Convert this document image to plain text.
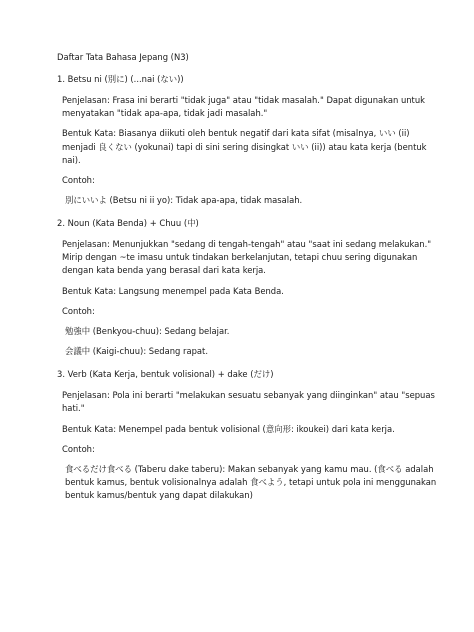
Daftar Tata Bahasa Jepang (N3)

1. Betsu ni (別に) (...nai (ない))

Penjelasan: Frasa ini berarti "tidak juga" atau "tidak masalah." Dapat digunakan untuk menyatakan "tidak apa-apa, tidak jadi masalah."

Bentuk Kata: Biasanya diikuti oleh bentuk negatif dari kata sifat (misalnya, いい (ii) menjadi 良くない (yokunai) tapi di sini sering disingkat いい (ii)) atau kata kerja (bentuk nai).

Contoh:

別にいいよ (Betsu ni ii yo): Tidak apa-apa, tidak masalah.

2. Noun (Kata Benda) + Chuu (中)

Penjelasan: Menunjukkan "sedang di tengah-tengah" atau "saat ini sedang melakukan." Mirip dengan ~te imasu untuk tindakan berkelanjutan, tetapi chuu sering digunakan dengan kata benda yang berasal dari kata kerja.

Bentuk Kata: Langsung menempel pada Kata Benda.

Contoh:

勉強中 (Benkyou-chuu): Sedang belajar.

会議中 (Kaigi-chuu): Sedang rapat.

3. Verb (Kata Kerja, bentuk volisional) + dake (だけ)

Penjelasan: Pola ini berarti "melakukan sesuatu sebanyak yang diinginkan" atau "sepuas hati."

Bentuk Kata: Menempel pada bentuk volisional (意向形: ikoukei) dari kata kerja.

Contoh:

食べるだけ食べる (Taberu dake taberu): Makan sebanyak yang kamu mau. (食べる adalah bentuk kamus, bentuk volisionalnya adalah 食べよう, tetapi untuk pola ini menggunakan bentuk kamus/bentuk yang dapat dilakukan)
